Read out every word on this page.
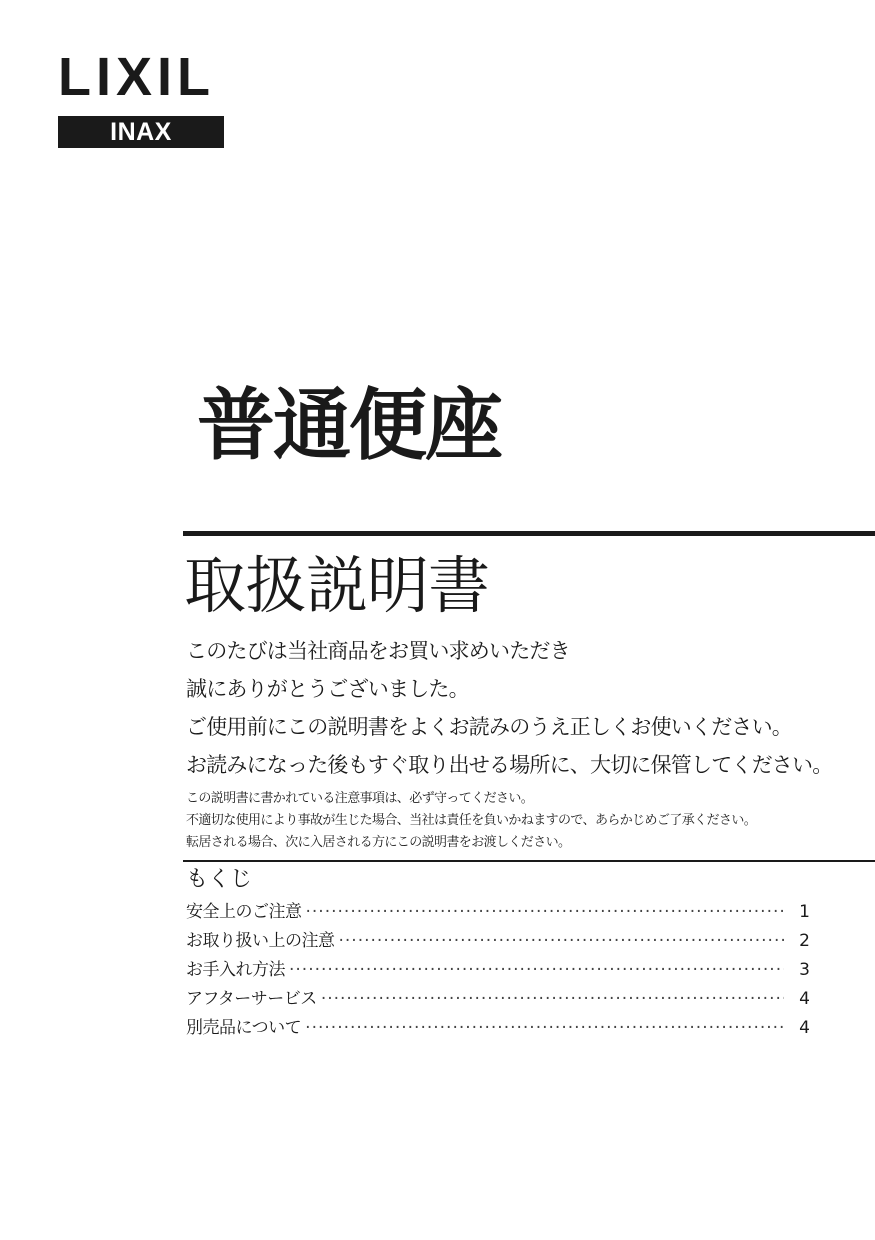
LIXIL
INAX
普通便座
取扱説明書
このたびは当社商品をお買い求めいただき
誠にありがとうございました。
ご使用前にこの説明書をよくお読みのうえ正しくお使いください。
お読みになった後もすぐ取り出せる場所に、大切に保管してください。
この説明書に書かれている注意事項は、必ず守ってください。
不適切な使用により事故が生じた場合、当社は責任を負いかねますので、あらかじめご了承ください。
転居される場合、次に入居される方にこの説明書をお渡しください。
もくじ
安全上のご注意 ·····	1
お取り扱い上の注意 ·····	2
お手入れ方法 ·····	3
アフターサービス ·····	4
別売品について ·····	4
